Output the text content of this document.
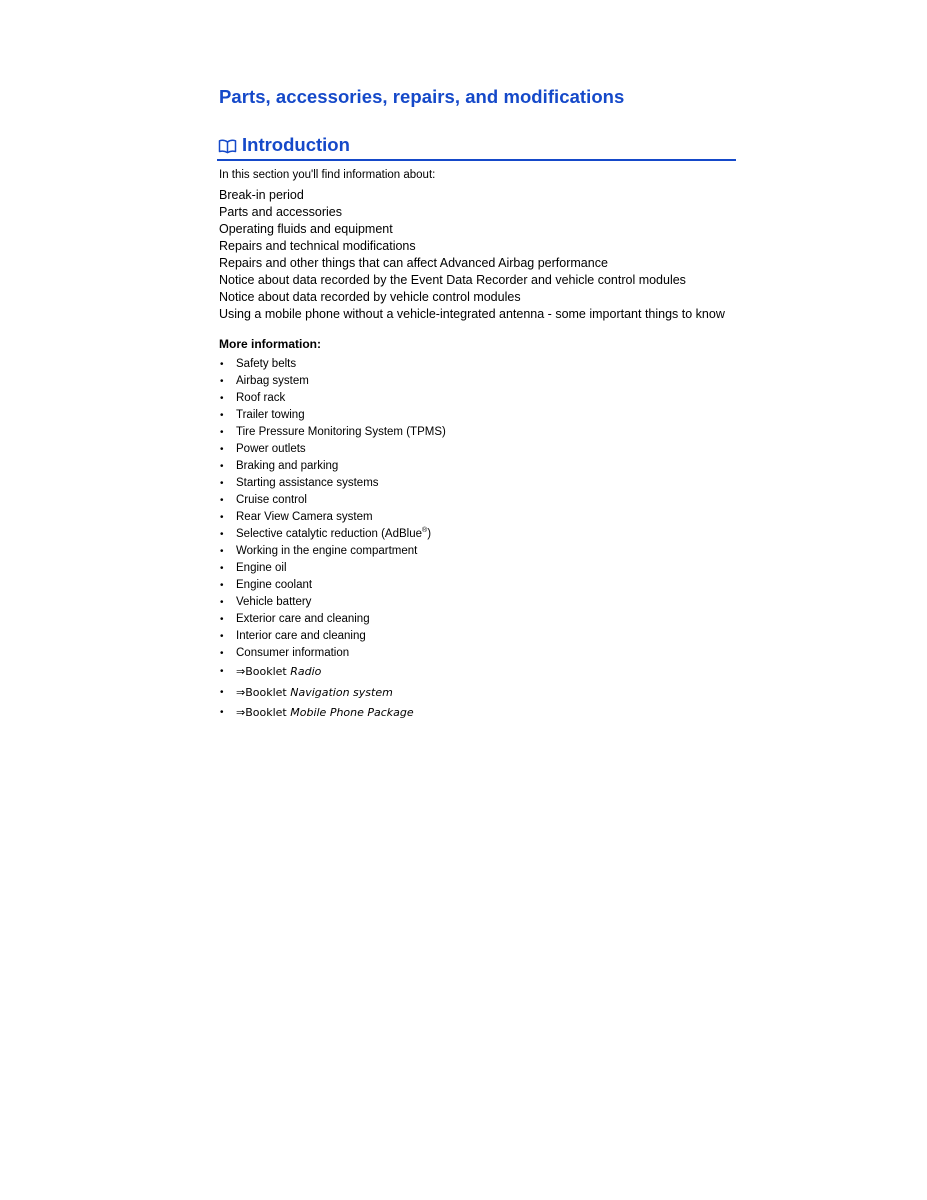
Parts, accessories, repairs, and modifications
Introduction

In this section you'll find information about:

Break-in period
Parts and accessories
Operating fluids and equipment
Repairs and technical modifications
Repairs and other things that can affect Advanced Airbag performance
Notice about data recorded by the Event Data Recorder and vehicle control modules
Notice about data recorded by vehicle control modules
Using a mobile phone without a vehicle-integrated antenna - some important things to know

More information:

• Safety belts
• Airbag system
• Roof rack
• Trailer towing
• Tire Pressure Monitoring System (TPMS)
• Power outlets
• Braking and parking
• Starting assistance systems
• Cruise control
• Rear View Camera system
• Selective catalytic reduction (AdBlue®)
• Working in the engine compartment
• Engine oil
• Engine coolant
• Vehicle battery
• Exterior care and cleaning
• Interior care and cleaning
• Consumer information
• ⇒Booklet Radio
• ⇒Booklet Navigation system
• ⇒Booklet Mobile Phone Package
